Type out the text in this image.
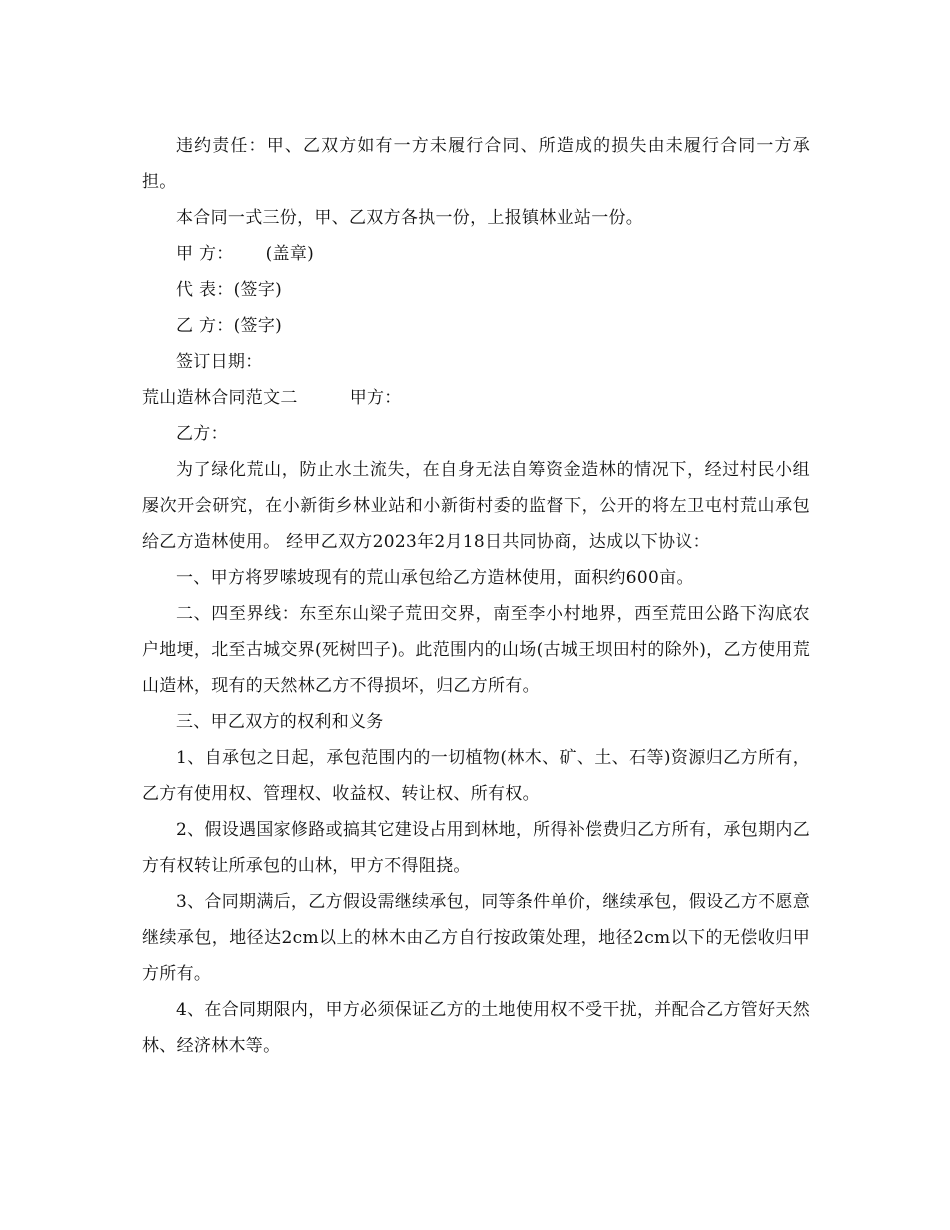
违约责任：甲、乙双方如有一方未履行合同、所造成的损失由未履行合同一方承担。

本合同一式三份，甲、乙双方各执一份，上报镇林业站一份。

甲 方： (盖章)

代 表：(签字)

乙 方：(签字)

签订日期：

荒山造林合同范文二	甲方：

乙方：

为了绿化荒山，防止水土流失，在自身无法自筹资金造林的情况下，经过村民小组屡次开会研究，在小新街乡林业站和小新街村委的监督下，公开的将左卫屯村荒山承包给乙方造林使用。 经甲乙双方2023年2月18日共同协商，达成以下协议：

一、甲方将罗嗦坡现有的荒山承包给乙方造林使用，面积约600亩。

二、四至界线：东至东山梁子荒田交界，南至李小村地界，西至荒田公路下沟底农户地埂，北至古城交界(死树凹子)。此范围内的山场(古城王坝田村的除外)，乙方使用荒山造林，现有的天然林乙方不得损坏，归乙方所有。

三、甲乙双方的权利和义务

1、自承包之日起，承包范围内的一切植物(林木、矿、土、石等)资源归乙方所有，乙方有使用权、管理权、收益权、转让权、所有权。

2、假设遇国家修路或搞其它建设占用到林地，所得补偿费归乙方所有，承包期内乙方有权转让所承包的山林，甲方不得阻挠。

3、合同期满后，乙方假设需继续承包，同等条件单价，继续承包，假设乙方不愿意继续承包，地径达2cm以上的林木由乙方自行按政策处理，地径2cm以下的无偿收归甲方所有。

4、在合同期限内，甲方必须保证乙方的土地使用权不受干扰，并配合乙方管好天然林、经济林木等。
